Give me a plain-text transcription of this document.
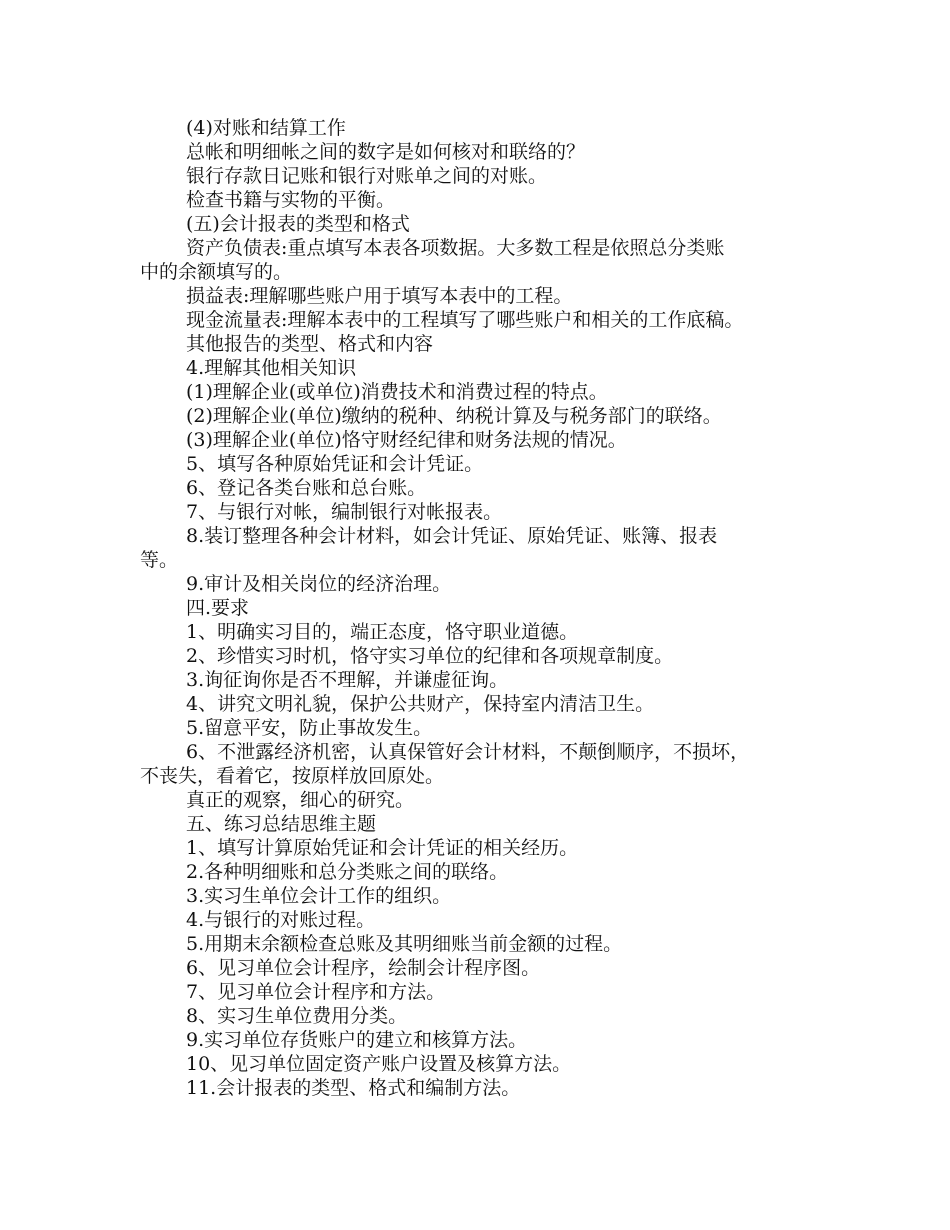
(4)对账和结算工作

总帐和明细帐之间的数字是如何核对和联络的？

银行存款日记账和银行对账单之间的对账。

检查书籍与实物的平衡。

(五)会计报表的类型和格式

资产负债表:重点填写本表各项数据。大多数工程是依照总分类账
中的余额填写的。

损益表:理解哪些账户用于填写本表中的工程。

现金流量表:理解本表中的工程填写了哪些账户和相关的工作底稿。

其他报告的类型、格式和内容

4.理解其他相关知识

(1)理解企业(或单位)消费技术和消费过程的特点。

(2)理解企业(单位)缴纳的税种、纳税计算及与税务部门的联络。

(3)理解企业(单位)恪守财经纪律和财务法规的情况。

5、填写各种原始凭证和会计凭证。

6、登记各类台账和总台账。

7、与银行对帐，编制银行对帐报表。

8.装订整理各种会计材料，如会计凭证、原始凭证、账簿、报表
等。

9.审计及相关岗位的经济治理。

四.要求

1、明确实习目的，端正态度，恪守职业道德。

2、珍惜实习时机，恪守实习单位的纪律和各项规章制度。

3.询征询你是否不理解，并谦虚征询。

4、讲究文明礼貌，保护公共财产，保持室内清洁卫生。

5.留意平安，防止事故发生。

6、不泄露经济机密，认真保管好会计材料，不颠倒顺序，不损坏，
不丧失，看着它，按原样放回原处。

真正的观察，细心的研究。

五、练习总结思维主题

1、填写计算原始凭证和会计凭证的相关经历。

2.各种明细账和总分类账之间的联络。

3.实习生单位会计工作的组织。

4.与银行的对账过程。

5.用期末余额检查总账及其明细账当前金额的过程。

6、见习单位会计程序，绘制会计程序图。

7、见习单位会计程序和方法。

8、实习生单位费用分类。

9.实习单位存货账户的建立和核算方法。

10、见习单位固定资产账户设置及核算方法。

11.会计报表的类型、格式和编制方法。
